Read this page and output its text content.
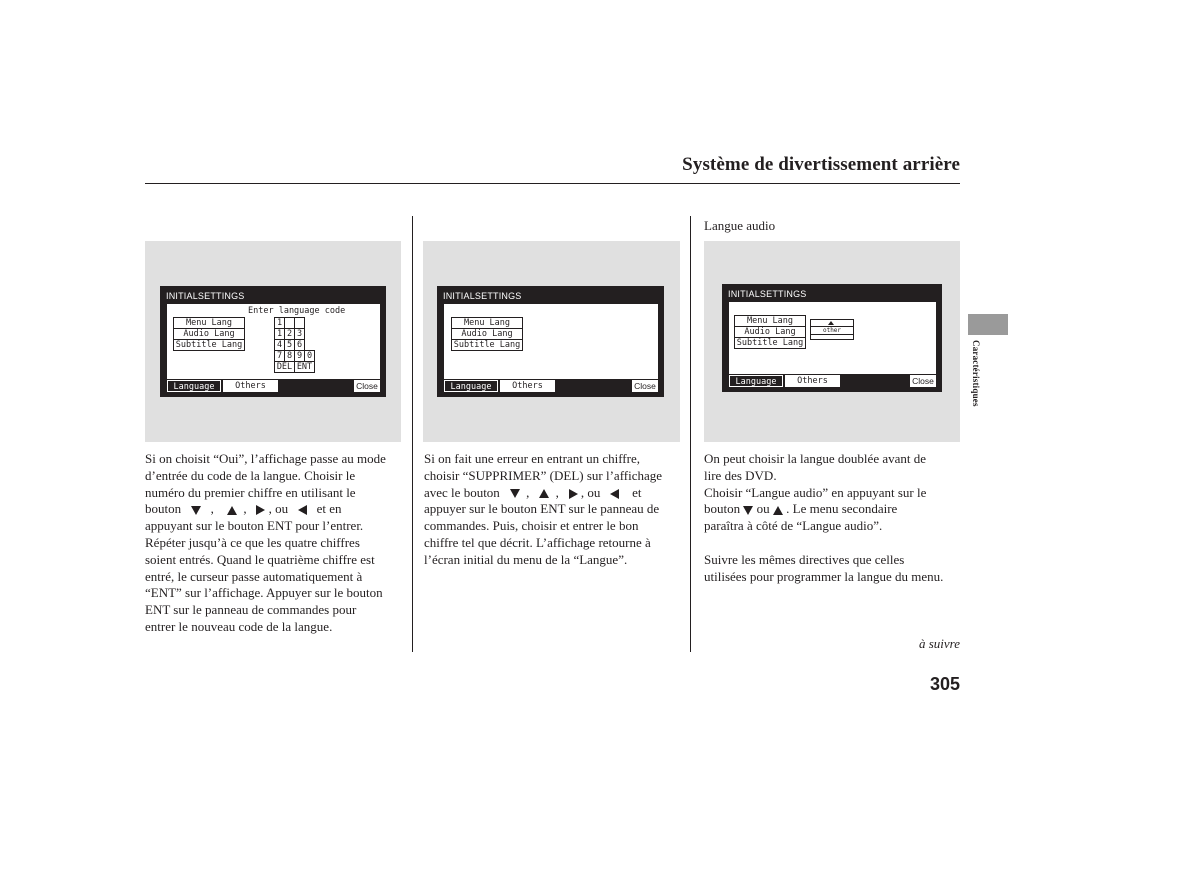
Système de divertissement arrière
Caractéristiques
INITIALSETTINGS
Menu Lang
Audio Lang
Subtitle Lang
Enter language code
1			
1	2	3	
4	5	6	
7	8	9	0
DEL		ENT	
Language	Others	Close
INITIALSETTINGS
Menu Lang
Audio Lang
Subtitle Lang
Language	Others	Close
INITIALSETTINGS
Menu Lang
Audio Lang
Subtitle Lang
other
Language	Others	Close
Langue audio

Si on choisit “Oui”, l’affichage passe au mode

d’entrée du code de la langue. Choisir le

numéro du premier chiffre en utilisant le

bouton , , , ou et en

appuyant sur le bouton ENT pour l’entrer.

Répéter jusqu’à ce que les quatre chiffres

soient entrés. Quand le quatrième chiffre est

entré, le curseur passe automatiquement à

“ENT” sur l’affichage. Appuyer sur le bouton

ENT sur le panneau de commandes pour

entrer le nouveau code de la langue.

Si on fait une erreur en entrant un chiffre,

choisir “SUPPRIMER” (DEL) sur l’affichage

avec le bouton , , , ou et

appuyer sur le bouton ENT sur le panneau de

commandes. Puis, choisir et entrer le bon

chiffre tel que décrit. L’affichage retourne à

l’écran initial du menu de la “Langue”.

On peut choisir la langue doublée avant de

lire des DVD.

Choisir “Langue audio” en appuyant sur le

bouton ou . Le menu secondaire

paraîtra à côté de “Langue audio”.

Suivre les mêmes directives que celles

utilisées pour programmer la langue du menu.

à suivre
305
